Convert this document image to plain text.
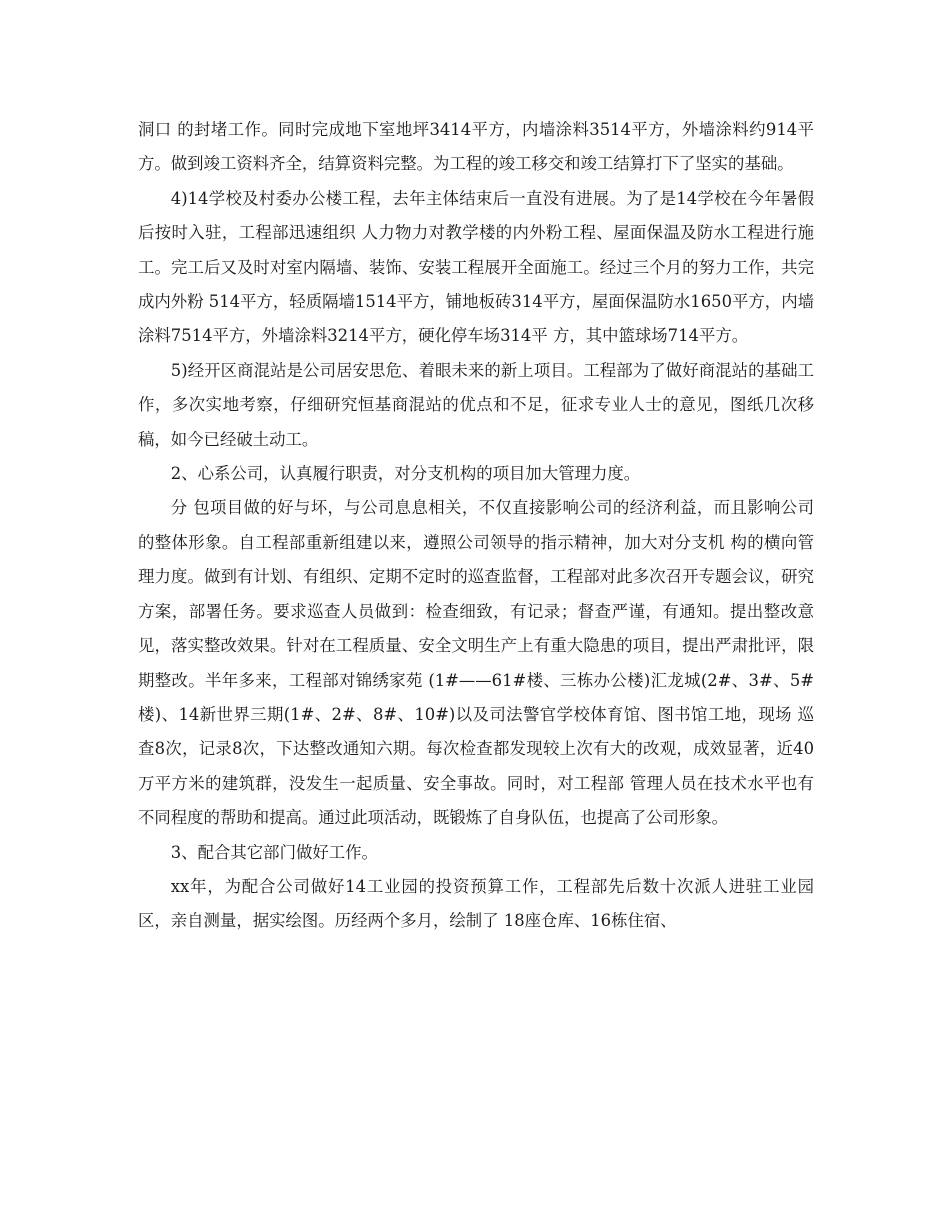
洞口 的封堵工作。同时完成地下室地坪3414平方，内墙涂料3514平方，外墙涂料约914平方。做到竣工资料齐全，结算资料完整。为工程的竣工移交和竣工结算打下了坚实的基础。

4)14学校及村委办公楼工程，去年主体结束后一直没有进展。为了是14学校在今年暑假后按时入驻，工程部迅速组织 人力物力对教学楼的内外粉工程、屋面保温及防水工程进行施工。完工后又及时对室内隔墙、装饰、安装工程展开全面施工。经过三个月的努力工作，共完成内外粉 514平方，轻质隔墙1514平方，铺地板砖314平方，屋面保温防水1650平方，内墙涂料7514平方，外墙涂料3214平方，硬化停车场314平 方，其中篮球场714平方。

5)经开区商混站是公司居安思危、着眼未来的新上项目。工程部为了做好商混站的基础工作，多次实地考察，仔细研究恒基商混站的优点和不足，征求专业人士的意见，图纸几次移稿，如今已经破土动工。

2、心系公司，认真履行职责，对分支机构的项目加大管理力度。

分 包项目做的好与坏，与公司息息相关，不仅直接影响公司的经济利益，而且影响公司的整体形象。自工程部重新组建以来，遵照公司领导的指示精神，加大对分支机 构的横向管理力度。做到有计划、有组织、定期不定时的巡查监督，工程部对此多次召开专题会议，研究方案，部署任务。要求巡查人员做到：检查细致，有记录；督查严谨，有通知。提出整改意见，落实整改效果。针对在工程质量、安全文明生产上有重大隐患的项目，提出严肃批评，限期整改。半年多来，工程部对锦绣家苑 (1#——61#楼、三栋办公楼)汇龙城(2#、3#、5#楼)、14新世界三期(1#、2#、8#、10#)以及司法警官学校体育馆、图书馆工地，现场 巡查8次，记录8次，下达整改通知六期。每次检查都发现较上次有大的改观，成效显著，近40万平方米的建筑群，没发生一起质量、安全事故。同时，对工程部 管理人员在技术水平也有不同程度的帮助和提高。通过此项活动，既锻炼了自身队伍，也提高了公司形象。

3、配合其它部门做好工作。

xx年，为配合公司做好14工业园的投资预算工作，工程部先后数十次派人进驻工业园区，亲自测量，据实绘图。历经两个多月，绘制了 18座仓库、16栋住宿、
